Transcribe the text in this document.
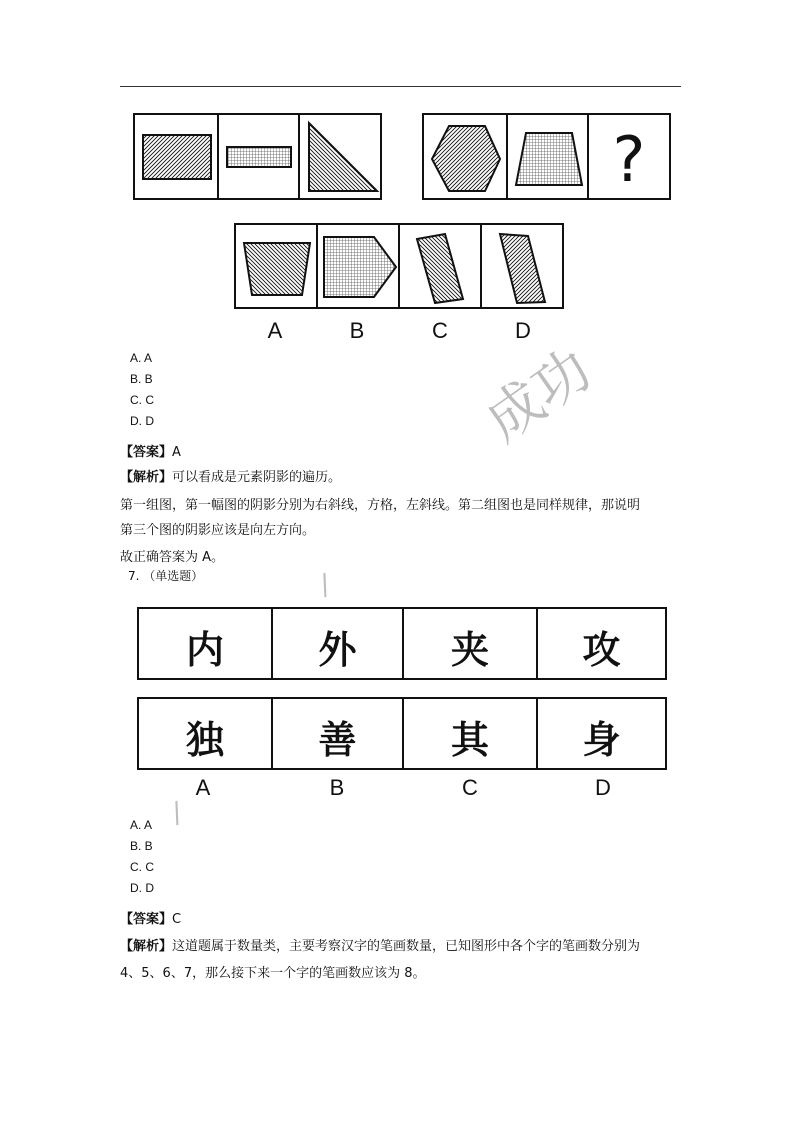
?
A	B	C	D
A. A
B. B
C. C
D. D	成功
/
/
【答案】A
【解析】可以看成是元素阴影的遍历。
第一组图，第一幅图的阴影分别为右斜线，方格，左斜线。第二组图也是同样规律，那说明
第三个图的阴影应该是向左方向。
故正确答案为 A。
7. （单选题）
内	外	夹	攻
独	善	其	身
A	B	C	D
A. A
B. B
C. C
D. D
【答案】C
【解析】这道题属于数量类，主要考察汉字的笔画数量，已知图形中各个字的笔画数分别为
4、5、6、7，那么接下来一个字的笔画数应该为 8。
